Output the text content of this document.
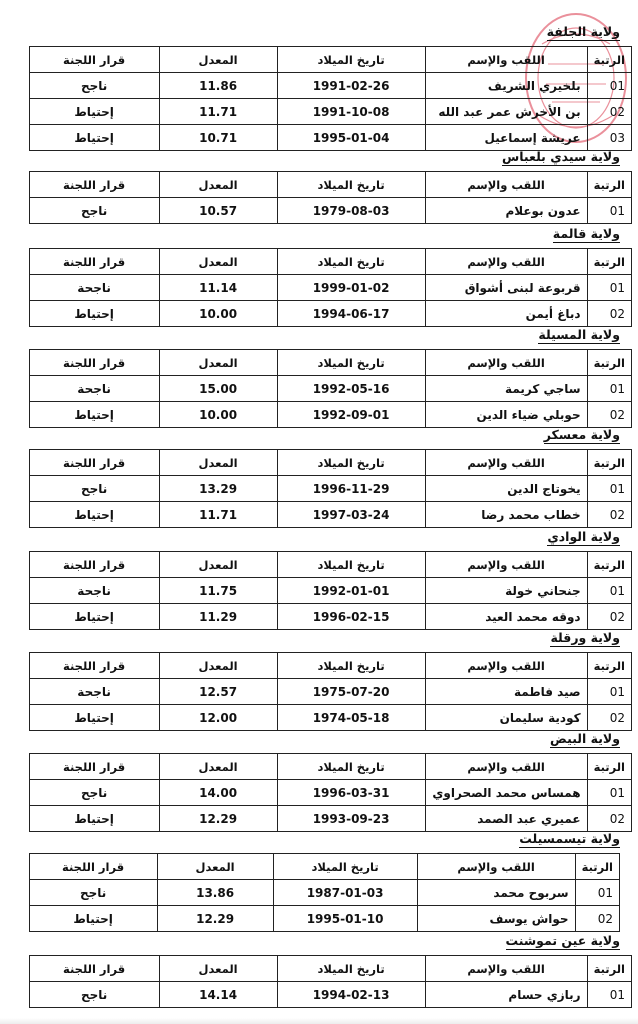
ولاية الجلفة
الرتبة	اللقب والإسم	تاريخ الميلاد	المعدل	قرار اللجنة
01	بلخيري الشريف	1991-02-26	11.86	ناجح
02	بن الأخرش عمر عبد الله	1991-10-08	11.71	إحتياط
03	عريشة إسماعيل	1995-01-04	10.71	إحتياط
ولاية سيدي بلعباس
الرتبة	اللقب والإسم	تاريخ الميلاد	المعدل	قرار اللجنة
01	عدون بوعلام	1979-08-03	10.57	ناجح
ولاية قالمة
الرتبة	اللقب والإسم	تاريخ الميلاد	المعدل	قرار اللجنة
01	قربوعة لبنى أشواق	1999-01-02	11.14	ناجحة
02	دباغ أيمن	1994-06-17	10.00	إحتياط
ولاية المسيلة
الرتبة	اللقب والإسم	تاريخ الميلاد	المعدل	قرار اللجنة
01	ساجي كريمة	1992-05-16	15.00	ناجحة
02	حوبلي ضياء الدين	1992-09-01	10.00	إحتياط
ولاية معسكر
الرتبة	اللقب والإسم	تاريخ الميلاد	المعدل	قرار اللجنة
01	يخوتاج الدين	1996-11-29	13.29	ناجح
02	خطاب محمد رضا	1997-03-24	11.71	إحتياط
ولاية الوادي
الرتبة	اللقب والإسم	تاريخ الميلاد	المعدل	قرار اللجنة
01	جنحاني خولة	1992-01-01	11.75	ناجحة
02	دوقه محمد العيد	1996-02-15	11.29	إحتياط
ولاية ورقلة
الرتبة	اللقب والإسم	تاريخ الميلاد	المعدل	قرار اللجنة
01	صيد فاطمة	1975-07-20	12.57	ناجحة
02	كودية سليمان	1974-05-18	12.00	إحتياط
ولاية البيض
الرتبة	اللقب والإسم	تاريخ الميلاد	المعدل	قرار اللجنة
01	همساس محمد الصحراوي	1996-03-31	14.00	ناجح
02	عميري عبد الصمد	1993-09-23	12.29	إحتياط
ولاية تيسمسيلت
الرتبة	اللقب والإسم	تاريخ الميلاد	المعدل	قرار اللجنة
01	سربوح محمد	1987-01-03	13.86	ناجح
02	حواش يوسف	1995-01-10	12.29	إحتياط
ولاية عين تموشنت
الرتبة	اللقب والإسم	تاريخ الميلاد	المعدل	قرار اللجنة
01	ربازي حسام	1994-02-13	14.14	ناجح
